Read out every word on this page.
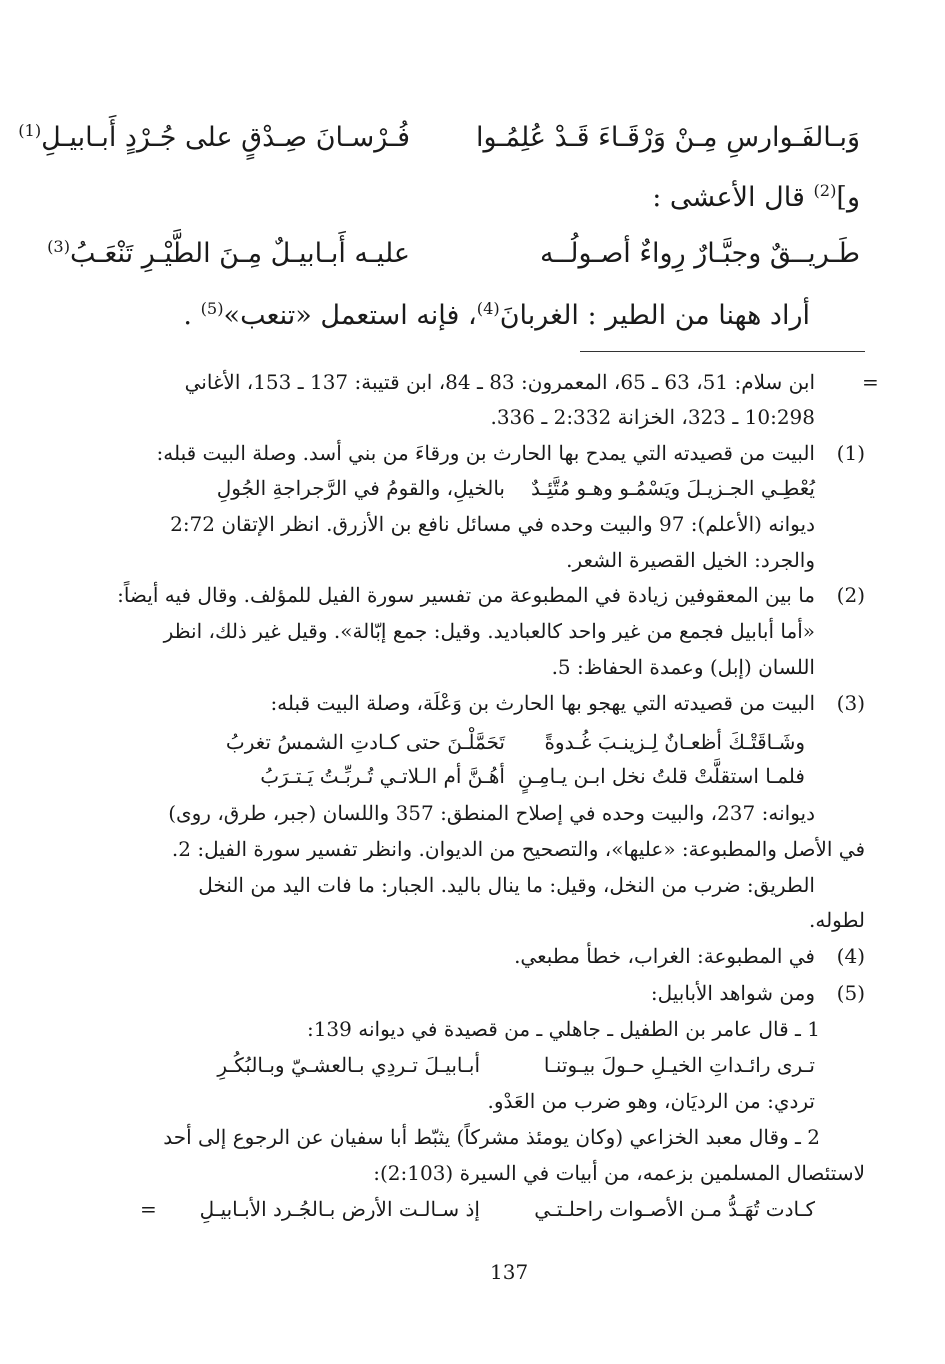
وَبـالفَـوارسِ مِـنْ وَرْقَـاءَ قَـدْ عُلِمُـوا
فُـرْسـانَ صِـدْقٍ على جُـرْدٍ أَبـابيـلِ$^{(1)}$
و]$^{(2)}$ قال الأعشى :
طَـريــقٌ وجبَّـارٌ رِواءٌ أصـولُــه
عليـه أَبـابيـلٌ مِـنَ الطَّيْـرِ تَنْعَـبُ$^{(3)}$
أراد ههنا من الطير : الغربانَ$^{(4)}$، فإنه استعمل «تنعب»$^{(5)}$ .
=
ابن سلام: 51، 63 ـ 65، المعمرون: 83 ـ 84، ابن قتيبة: 137 ـ 153، الأغاني
10:298 ـ 323، الخزانة 2:332 ـ 336.
(1)
البيت من قصيدته التي يمدح بها الحارث بن ورقاءَ من بني أسد. وصلة البيت قبله:
يُعْطِـي الجـزيـلَ ويَسْمُـو وهـو مُتَّئِـدٌ
بالخيلِ، والقومُ في الرَّجراجةِ الجُولِ
ديوانه (الأعلم): 97 والبيت وحده في مسائل نافع بن الأزرق. انظر الإتقان 2:72
والجرد: الخيل القصيرة الشعر.
(2)
ما بين المعقوفين زيادة في المطبوعة من تفسير سورة الفيل للمؤلف. وقال فيه أيضاً:
«أما أبابيل فجمع من غير واحد كالعباديد. وقيل: جمع إبّالة». وقيل غير ذلك، انظر
اللسان (إبل) وعمدة الحفاظ: 5.
(3)
البيت من قصيدته التي يهجو بها الحارث بن وَعْلَة، وصلة البيت قبله:
وشَـاقَتْـكَ أظعـانٌ لِـزينـبَ غُـدوةً
تَحَمَّلْـنَ حتى كـادتِ الشمسُ تغربُ
فلمـا استقلَّتْ قلتُ نخل ابـن يـامِـنٍ
أهُـنَّ أم الـلاتـي تُـربِّـتُ يَـتـرَبُ
ديوانه: 237، والبيت وحده في إصلاح المنطق: 357 واللسان (جبر، طرق، روى)
في الأصل والمطبوعة: «عليها»، والتصحيح من الديوان. وانظر تفسير سورة الفيل: 2.
الطريق: ضرب من النخل، وقيل: ما ينال باليد. الجبار: ما فات اليد من النخل
لطوله.
(4)
في المطبوعة: الغراب، خطأ مطبعي.
(5)
ومن شواهد الأبابيل:
1 ـ قال عامر بن الطفيل ـ جاهلي ـ من قصيدة في ديوانه 139:
تـرى رائـداتِ الخيـلِ حـولَ بيـوتنـا
أبـابيـلَ تـردِي بـالعشـيّ وبـالبُكُـرِ
تردي: من الرديَان، وهو ضرب من العَدْو.
2 ـ وقال معبد الخزاعي (وكان يومئذ مشركاً) يثبّط أبا سفيان عن الرجوع إلى أحد
لاستئصال المسلمين بزعمه، من أبيات في السيرة (2:103):
كـادت تُهَـدُّ مـن الأصـوات راحلـتـي
إذ سـالـت الأرض بـالجُـرد الأبـابيـلِ
=
137
